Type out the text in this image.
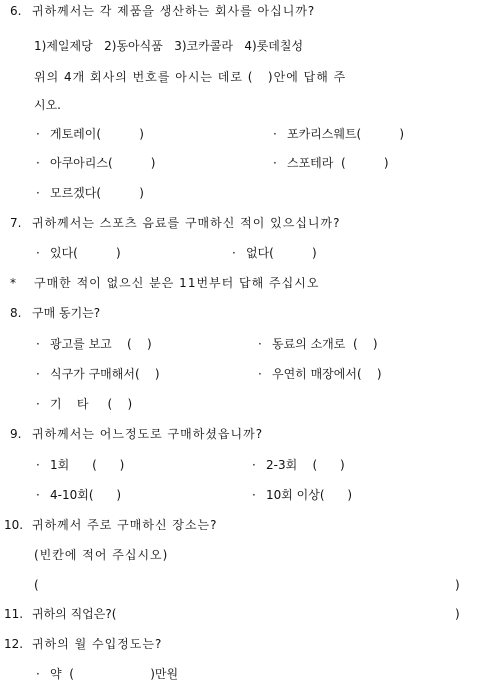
6. 귀하께서는 각 제품을 생산하는 회사를 아십니까?
1)제일제당   2)동아식품   3)코카콜라   4)롯데칠성
위의 4개 회사의 번호를 아시는 데로 (   )안에 답해 주
시오.
· 게토레이(          )	· 포카리스웨트(          )
· 아쿠아리스(          )	· 스포테라  (          )
· 모르겠다(          )
7. 귀하께서는 스포츠 음료를 구매하신 적이 있으십니까?
· 있다(          )	· 없다(          )
* 구매한 적이 없으신 분은 11번부터 답해 주십시오
8. 구매 동기는?
· 광고를 보고    (    )	· 동료의 소개로  (    )
· 식구가 구매해서(    )	· 우연히 매장에서(    )
· 기    타     (    )
9. 귀하께서는 어느정도로 구매하셨읍니까?
· 1회      (      )	· 2-3회    (      )
· 4-10회(      )	· 10회 이상(      )
10. 귀하께서 주로 구매하신 장소는?
(빈칸에 적어 주십시오)
(	)
11. 귀하의 직업은?(	)
12. 귀하의 월 수입정도는?
· 약  (                    )만원
